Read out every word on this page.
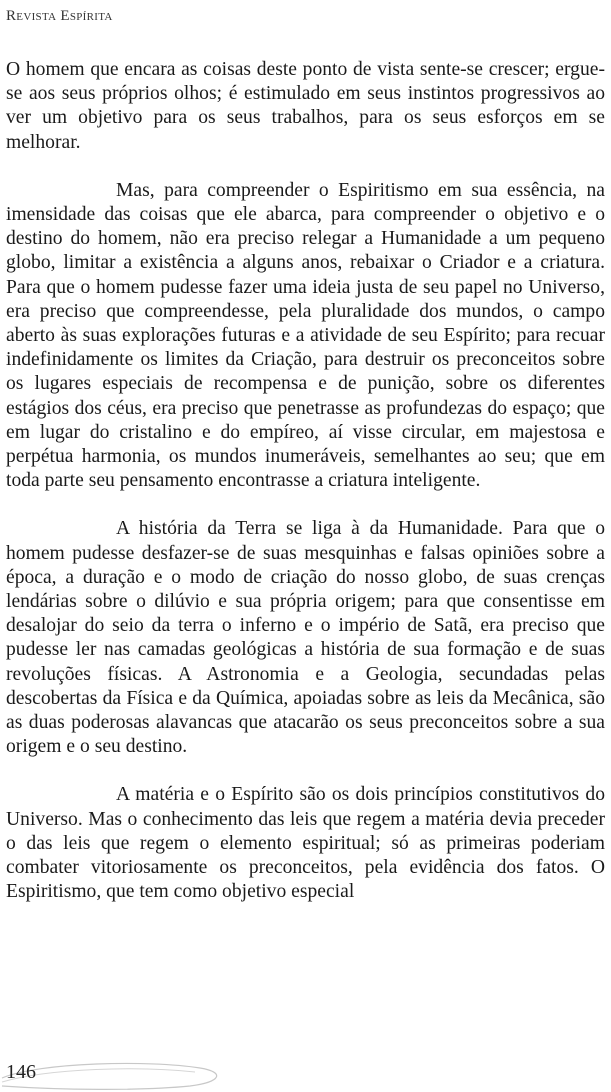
Revista Espírita

O homem que encara as coisas deste ponto de vista sente-se crescer; ergue-se aos seus próprios olhos; é estimulado em seus instintos progressivos ao ver um objetivo para os seus trabalhos, para os seus esforços em se melhorar.

Mas, para compreender o Espiritismo em sua essência, na imensidade das coisas que ele abarca, para compreender o objetivo e o destino do homem, não era preciso relegar a Humanidade a um pequeno globo, limitar a existência a alguns anos, rebaixar o Criador e a criatura. Para que o homem pudesse fazer uma ideia justa de seu papel no Universo, era preciso que compreendesse, pela pluralidade dos mundos, o campo aberto às suas explorações futuras e a atividade de seu Espírito; para recuar indefinidamente os limites da Criação, para destruir os preconceitos sobre os lugares especiais de recompensa e de punição, sobre os diferentes estágios dos céus, era preciso que penetrasse as profundezas do espaço; que em lugar do cristalino e do empíreo, aí visse circular, em majestosa e perpétua harmonia, os mundos inumeráveis, semelhantes ao seu; que em toda parte seu pensamento encontrasse a criatura inteligente.

A história da Terra se liga à da Humanidade. Para que o homem pudesse desfazer-se de suas mesquinhas e falsas opiniões sobre a época, a duração e o modo de criação do nosso globo, de suas crenças lendárias sobre o dilúvio e sua própria origem; para que consentisse em desalojar do seio da terra o inferno e o império de Satã, era preciso que pudesse ler nas camadas geológicas a história de sua formação e de suas revoluções físicas. A Astronomia e a Geologia, secundadas pelas descobertas da Física e da Química, apoiadas sobre as leis da Mecânica, são as duas poderosas alavancas que atacarão os seus preconceitos sobre a sua origem e o seu destino.

A matéria e o Espírito são os dois princípios constitutivos do Universo. Mas o conhecimento das leis que regem a matéria devia preceder o das leis que regem o elemento espiritual; só as primeiras poderiam combater vitoriosamente os preconceitos, pela evidência dos fatos. O Espiritismo, que tem como objetivo especial

146
